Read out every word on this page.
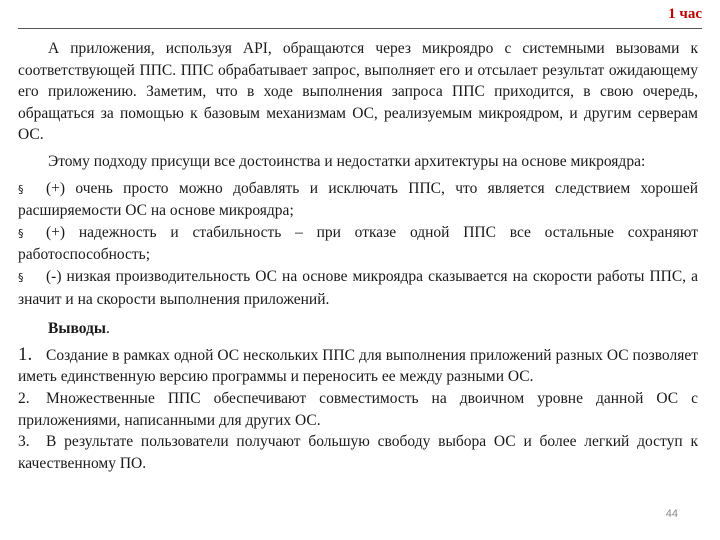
1 час

А приложения, используя API, обращаются через микроядро с системными вызовами к соответствующей ППС. ППС обрабатывает запрос, выполняет его и отсылает результат ожидающему его приложению. Заметим, что в ходе выполнения запроса ППС приходится, в свою очередь, обращаться за помощью к базовым механизмам ОС, реализуемым микроядром, и другим серверам ОС.

Этому подходу присущи все достоинства и недостатки архитектуры на основе микроядра:

§ (+) очень просто можно добавлять и исключать ППС, что является следствием хорошей расширяемости ОС на основе микроядра;

§ (+) надежность и стабильность – при отказе одной ППС все остальные сохраняют работоспособность;

§ (-) низкая производительность ОС на основе микроядра сказывается на скорости работы ППС, а значит и на скорости выполнения приложений.

Выводы.

1. Создание в рамках одной ОС нескольких ППС для выполнения приложений разных ОС позволяет иметь единственную версию программы и переносить ее между разными ОС.

2. Множественные ППС обеспечивают совместимость на двоичном уровне данной ОС с приложениями, написанными для других ОС.

3. В результате пользователи получают большую свободу выбора ОС и более легкий доступ к качественному ПО.

44
